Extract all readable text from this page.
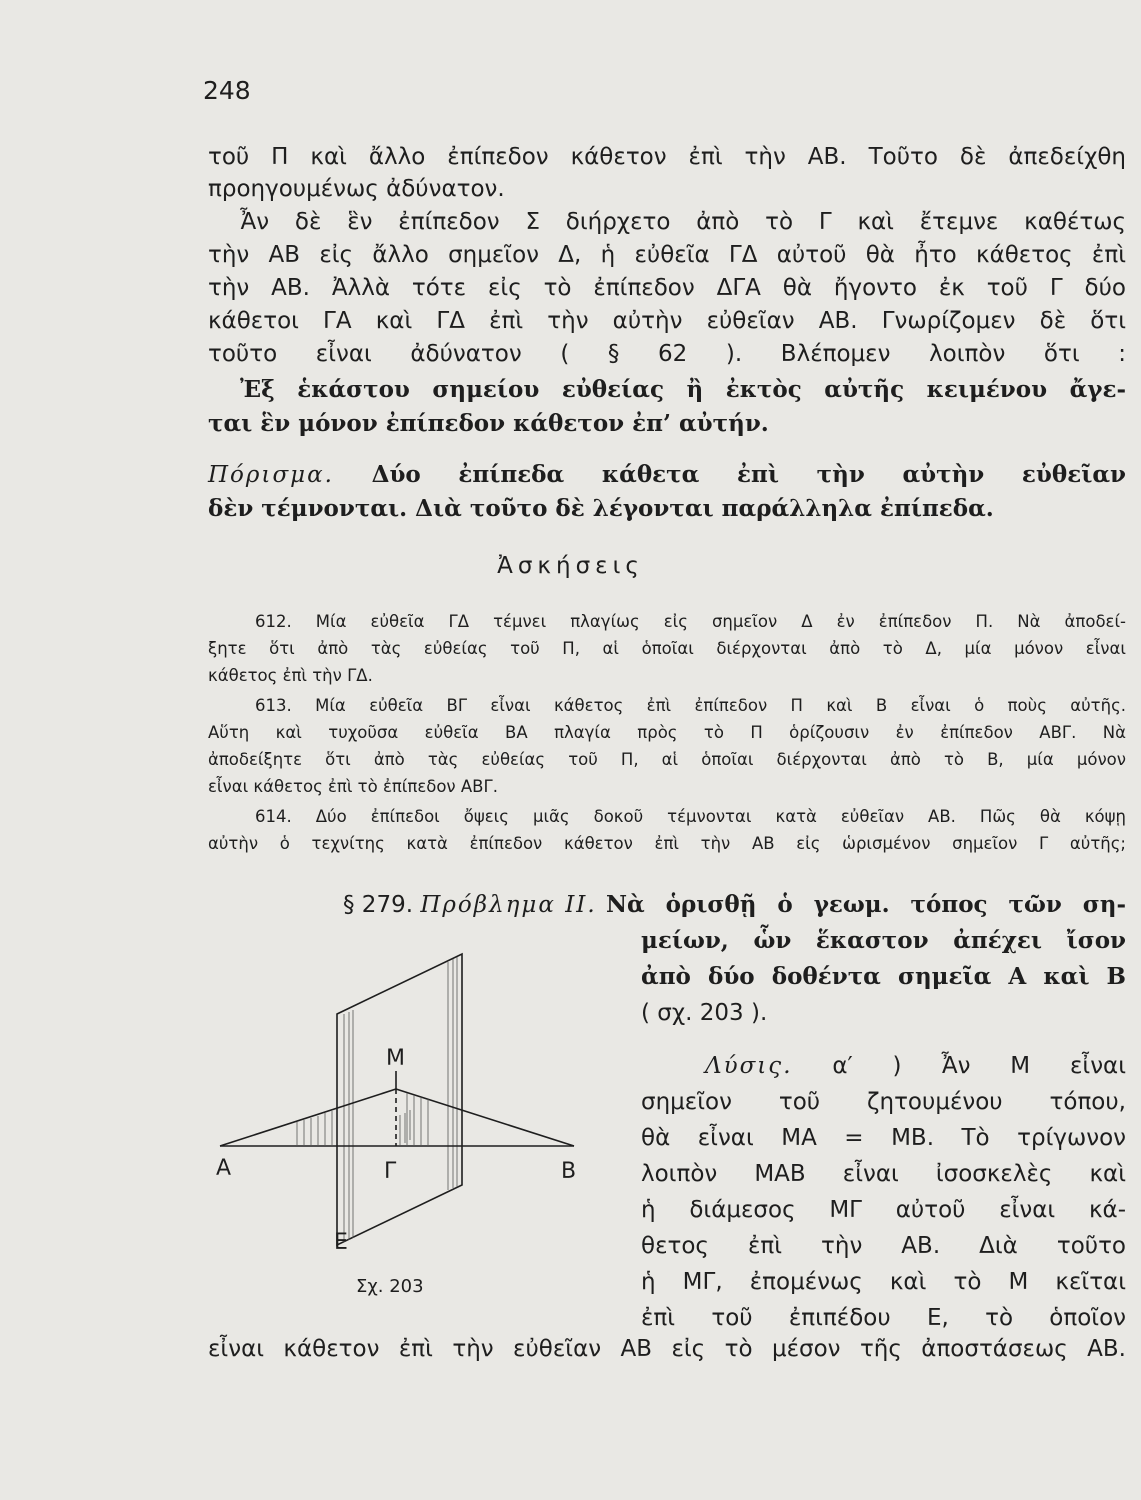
248
τοῦ Π καὶ ἄλλο ἐπίπεδον κάθετον ἐπὶ τὴν ΑΒ. Τοῦτο δὲ ἀπεδείχθη
προηγουμένως ἀδύνατον.
Ἆν δὲ ἓν ἐπίπεδον Σ διήρχετο ἀπὸ τὸ Γ καὶ ἔτεμνε καθέτως
τὴν ΑΒ εἰς ἄλλο σημεῖον Δ, ἡ εὐθεῖα ΓΔ αὐτοῦ θὰ ἦτο κάθετος ἐπὶ
τὴν ΑΒ. Ἀλλὰ τότε εἰς τὸ ἐπίπεδον ΔΓΑ θὰ ἤγοντο ἐκ τοῦ Γ δύο
κάθετοι ΓΑ καὶ ΓΔ ἐπὶ τὴν αὐτὴν εὐθεῖαν ΑΒ. Γνωρίζομεν δὲ ὅτι
τοῦτο εἶναι ἀδύνατον ( § 62 ). Βλέπομεν λοιπὸν ὅτι :
Ἐξ ἑκάστου σημείου εὐθείας ἢ ἐκτὸς αὐτῆς κειμένου ἄγε-
ται ἓν μόνον ἐπίπεδον κάθετον ἐπ’ αὐτήν.
Πόρισμα. Δύο ἐπίπεδα κάθετα ἐπὶ τὴν αὐτὴν εὐθεῖαν
δὲν τέμνονται. Διὰ τοῦτο δὲ λέγονται παράλληλα ἐπίπεδα.
Ἀσκήσεις
612. Μία εὐθεῖα ΓΔ τέμνει πλαγίως εἰς σημεῖον Δ ἐν ἐπίπεδον Π. Νὰ ἀποδεί-
ξητε ὅτι ἀπὸ τὰς εὐθείας τοῦ Π, αἱ ὁποῖαι διέρχονται ἀπὸ τὸ Δ, μία μόνον εἶναι
κάθετος ἐπὶ τὴν ΓΔ.
613. Μία εὐθεῖα ΒΓ εἶναι κάθετος ἐπὶ ἐπίπεδον Π καὶ Β εἶναι ὁ ποὺς αὐτῆς.
Αὕτη καὶ τυχοῦσα εὐθεῖα ΒΑ πλαγία πρὸς τὸ Π ὁρίζουσιν ἐν ἐπίπεδον ΑΒΓ. Νὰ
ἀποδείξητε ὅτι ἀπὸ τὰς εὐθείας τοῦ Π, αἱ ὁποῖαι διέρχονται ἀπὸ τὸ Β, μία μόνον
εἶναι κάθετος ἐπὶ τὸ ἐπίπεδον ΑΒΓ.
614. Δύο ἐπίπεδοι ὄψεις μιᾶς δοκοῦ τέμνονται κατὰ εὐθεῖαν ΑΒ. Πῶς θὰ κόψῃ
αὐτὴν ὁ τεχνίτης κατὰ ἐπίπεδον κάθετον ἐπὶ τὴν ΑΒ εἰς ὡρισμένον σημεῖον Γ αὐτῆς;
§ 279. Πρόβλημα ΙΙ. Νὰ ὁρισθῇ ὁ γεωμ. τόπος τῶν ση-
μείων, ὧν ἕκαστον ἀπέχει ἴσον
ἀπὸ δύο δοθέντα σημεῖα Α καὶ Β
( σχ. 203 ).
Λύσις. α′ ) Ἆν Μ εἶναι
σημεῖον τοῦ ζητουμένου τόπου,
θὰ εἶναι ΜΑ = ΜΒ. Τὸ τρίγωνον
λοιπὸν ΜΑΒ εἶναι ἰσοσκελὲς καὶ
ἡ διάμεσος ΜΓ αὐτοῦ εἶναι κά-
θετος ἐπὶ τὴν ΑΒ. Διὰ τοῦτο
ἡ ΜΓ, ἐπομένως καὶ τὸ Μ κεῖται
ἐπὶ τοῦ ἐπιπέδου Ε, τὸ ὁποῖον
εἶναι κάθετον ἐπὶ τὴν εὐθεῖαν ΑΒ εἰς τὸ μέσον τῆς ἀποστάσεως ΑΒ.
Α	Β
Μ
Γ
Ε
Σχ. 203
